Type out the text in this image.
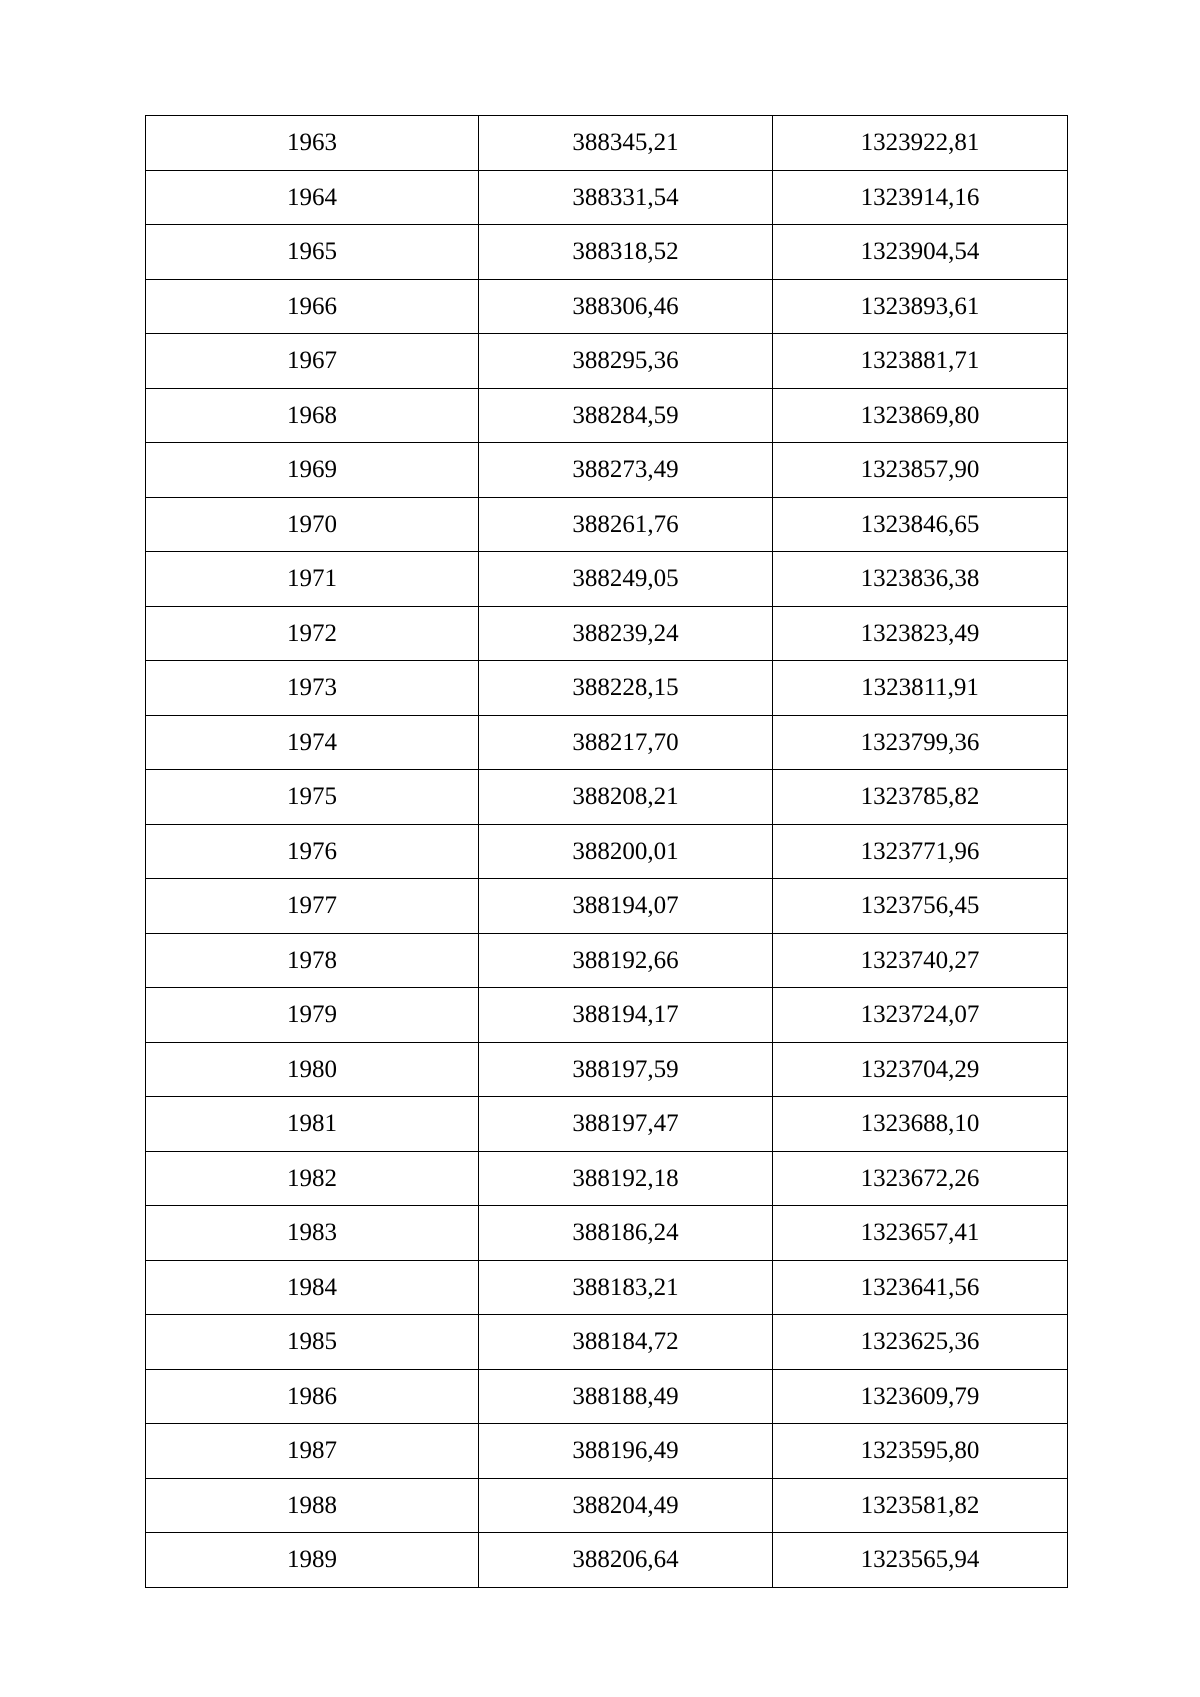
1963	388345,21	1323922,81
1964	388331,54	1323914,16
1965	388318,52	1323904,54
1966	388306,46	1323893,61
1967	388295,36	1323881,71
1968	388284,59	1323869,80
1969	388273,49	1323857,90
1970	388261,76	1323846,65
1971	388249,05	1323836,38
1972	388239,24	1323823,49
1973	388228,15	1323811,91
1974	388217,70	1323799,36
1975	388208,21	1323785,82
1976	388200,01	1323771,96
1977	388194,07	1323756,45
1978	388192,66	1323740,27
1979	388194,17	1323724,07
1980	388197,59	1323704,29
1981	388197,47	1323688,10
1982	388192,18	1323672,26
1983	388186,24	1323657,41
1984	388183,21	1323641,56
1985	388184,72	1323625,36
1986	388188,49	1323609,79
1987	388196,49	1323595,80
1988	388204,49	1323581,82
1989	388206,64	1323565,94
